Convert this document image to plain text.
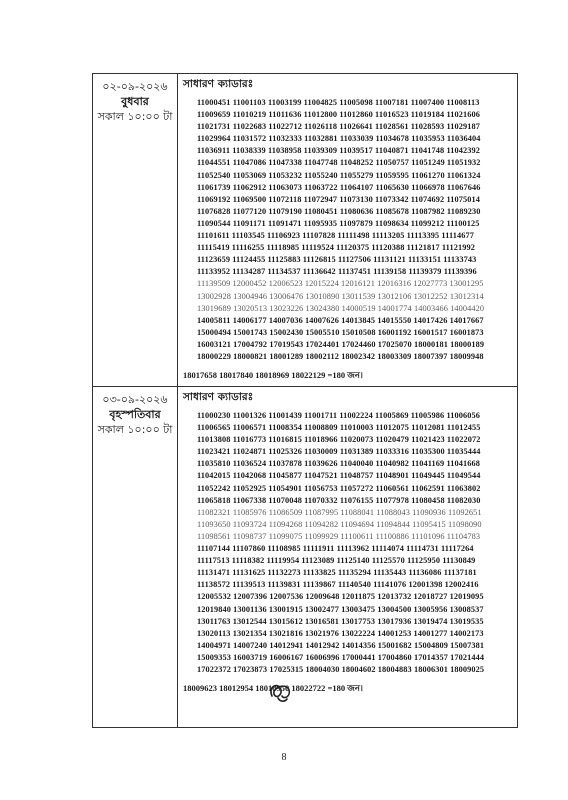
০২-০৯-২০২৬
বুধবার
সকাল ১০:০০ টা
সাধারণ ক্যাডারঃ
11000451 11001103 11003199 11004825 11005098 11007181 11007400 11008113
11009659 11010219 11011636 11012800 11012860 11016523 11019184 11021606
11021731 11022683 11022712 11026118 11026641 11028561 11028593 11029187
11029964 11031572 11032333 11032881 11033039 11034678 11035953 11036404
11036911 11038339 11038958 11039309 11039517 11040871 11041748 11042392
11044551 11047086 11047338 11047748 11048252 11050757 11051249 11051932
11052540 11053069 11053232 11055240 11055279 11059595 11061270 11061324
11061739 11062912 11063073 11063722 11064107 11065630 11066978 11067646
11069192 11069500 11072118 11072947 11073130 11073342 11074692 11075014
11076828 11077120 11079190 11080451 11080636 11085678 11087982 11089230
11090544 11091171 11091471 11095935 11097879 11098634 11099212 11100125
11101611 11103545 11106923 11107828 11111498 11113205 11113395 11114677
11115419 11116255 11118985 11119524 11120375 11120388 11121817 11121992
11123659 11124455 11125883 11126815 11127506 11131121 11133151 11133743
11133952 11134287 11134537 11136642 11137451 11139158 11139379 11139396
11139509 12000452 12006523 12015224 12016121 12016316 12027773 13001295
13002928 13004946 13006476 13010890 13011539 13012106 13012252 13012314
13019689 13020513 13023226 13024380 14000519 14001774 14003466 14004420
14005811 14006177 14007036 14007626 14013845 14015550 14017426 14017667
15000494 15001743 15002430 15005510 15010508 16001192 16001517 16001873
16003121 17004792 17019543 17024401 17024460 17025070 18000181 18000189
18000229 18000821 18001289 18002112 18002342 18003309 18007397 18009948
18017658 18017840 18018969 18022129 =180 জন।
০৩-০৯-২০২৬
বৃহস্পতিবার
সকাল ১০:০০ টা
সাধারণ ক্যাডারঃ
11000230 11001326 11001439 11001711 11002224 11005869 11005986 11006056
11006565 11006571 11008354 11008809 11010003 11012075 11012081 11012455
11013808 11016773 11016815 11018966 11020073 11020479 11021423 11022072
11023421 11024871 11025326 11030009 11031389 11033316 11035300 11035444
11035810 11036524 11037878 11039626 11040040 11040982 11041169 11041668
11042015 11042068 11045877 11047521 11048757 11048901 11049445 11049544
11052242 11052925 11054901 11056753 11057272 11060561 11062591 11063802
11065818 11067338 11070048 11070332 11076155 11077978 11080458 11082030
11082321 11085976 11086509 11087995 11088041 11088043 11090936 11092651
11093650 11093724 11094268 11094282 11094694 11094844 11095415 11098090
11098561 11098737 11099075 11099929 11100611 11100886 11101096 11104783
11107144 11107860 11108985 11111911 11113962 11114074 11114731 11117264
11117513 11118382 11119954 11123089 11125140 11125570 11125950 11130849
11131471 11131625 11132273 11133825 11135294 11135443 11136086 11137181
11138572 11139513 11139831 11139867 11140540 11141076 12001398 12002416
12005532 12007396 12007536 12009648 12011875 12013732 12018727 12019095
12019840 13001136 13001915 13002477 13003475 13004500 13005956 13008537
13011763 13012544 13015612 13016581 13017753 13017936 13019474 13019535
13020113 13021354 13021816 13021976 13022224 14001253 14001277 14002173
14004971 14007240 14012941 14012942 14014356 15001682 15004809 15007381
15009353 16003719 16006167 16006996 17000441 17004860 17014357 17021444
17022372 17023873 17025315 18004030 18004602 18004883 18006301 18009025
18009623 18012954 18018950 18022722 =180 জন।
8
